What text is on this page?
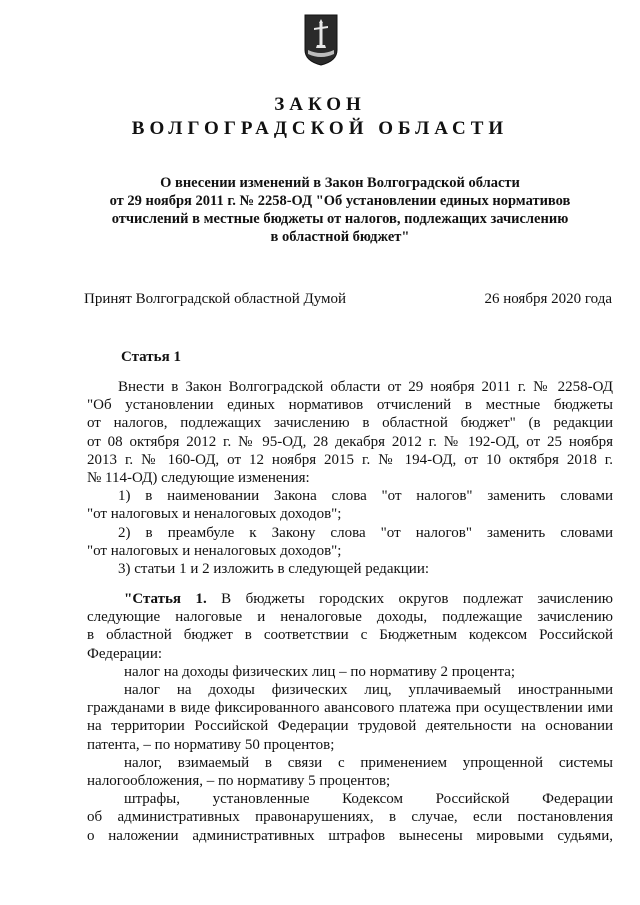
ЗАКОН
ВОЛГОГРАДСКОЙ ОБЛАСТИ
О внесении изменений в Закон Волгоградской области
от 29 ноября 2011 г. № 2258-ОД "Об установлении единых нормативов
отчислений в местные бюджеты от налогов, подлежащих зачислению
в областной бюджет"
Принят Волгоградской областной Думой	26 ноября 2020 года
Статья 1

Внести в Закон Волгоградской области от 29 ноября 2011 г. № 2258-ОД

"Об установлении единых нормативов отчислений в местные бюджеты

от налогов, подлежащих зачислению в областной бюджет" (в редакции

от 08 октября 2012 г. № 95-ОД, 28 декабря 2012 г. № 192-ОД, от 25 ноября

2013 г. № 160-ОД, от 12 ноября 2015 г. № 194-ОД, от 10 октября 2018 г.

№ 114-ОД) следующие изменения:

1) в наименовании Закона слова "от налогов" заменить словами

"от налоговых и неналоговых доходов";

2) в преамбуле к Закону слова "от налогов" заменить словами

"от налоговых и неналоговых доходов";

3) статьи 1 и 2 изложить в следующей редакции:

"Статья 1. В бюджеты городских округов подлежат зачислению

следующие налоговые и неналоговые доходы, подлежащие зачислению

в областной бюджет в соответствии с Бюджетным кодексом Российской

Федерации:

налог на доходы физических лиц – по нормативу 2 процента;

налог на доходы физических лиц, уплачиваемый иностранными

гражданами в виде фиксированного авансового платежа при осуществлении ими

на территории Российской Федерации трудовой деятельности на основании

патента, – по нормативу 50 процентов;

налог, взимаемый в связи с применением упрощенной системы

налогообложения, – по нормативу 5 процентов;

штрафы, установленные Кодексом Российской Федерации

об административных правонарушениях, в случае, если постановления

о наложении административных штрафов вынесены мировыми судьями,
